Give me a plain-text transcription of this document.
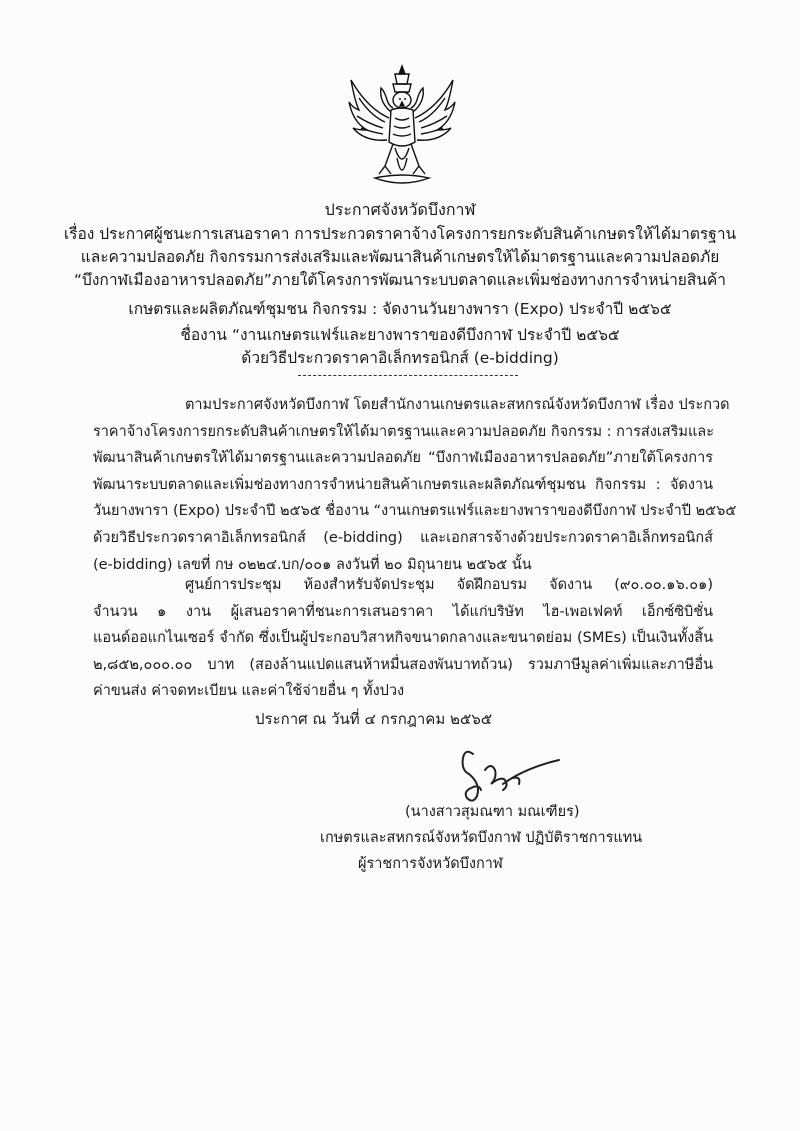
ประกาศจังหวัดบึงกาฬ
เรื่อง ประกาศผู้ชนะการเสนอราคา การประกวดราคาจ้างโครงการยกระดับสินค้าเกษตรให้ได้มาตรฐาน
และความปลอดภัย กิจกรรมการส่งเสริมและพัฒนาสินค้าเกษตรให้ได้มาตรฐานและความปลอดภัย
“บึงกาฬเมืองอาหารปลอดภัย”ภายใต้โครงการพัฒนาระบบตลาดและเพิ่มช่องทางการจำหน่ายสินค้า
เกษตรและผลิตภัณฑ์ชุมชน กิจกรรม : จัดงานวันยางพารา (Expo) ประจำปี ๒๕๖๕
ชื่องาน “งานเกษตรแฟร์และยางพาราของดีบึงกาฬ ประจำปี ๒๕๖๕
ด้วยวิธีประกวดราคาอิเล็กทรอนิกส์ (e-bidding)
ตามประกาศจังหวัดบึงกาฬ โดยสำนักงานเกษตรและสหกรณ์จังหวัดบึงกาฬ เรื่อง ประกวด
ราคาจ้างโครงการยกระดับสินค้าเกษตรให้ได้มาตรฐานและความปลอดภัย กิจกรรม : การส่งเสริมและ
พัฒนาสินค้าเกษตรให้ได้มาตรฐานและความปลอดภัย “บึงกาฬเมืองอาหารปลอดภัย”ภายใต้โครงการ
พัฒนาระบบตลาดและเพิ่มช่องทางการจำหน่ายสินค้าเกษตรและผลิตภัณฑ์ชุมชน กิจกรรม : จัดงาน
วันยางพารา (Expo) ประจำปี ๒๕๖๕ ชื่องาน “งานเกษตรแฟร์และยางพาราของดีบึงกาฬ ประจำปี ๒๕๖๕
ด้วยวิธีประกวดราคาอิเล็กทรอนิกส์ (e-bidding) และเอกสารจ้างด้วยประกวดราคาอิเล็กทรอนิกส์
(e-bidding) เลขที่ กษ ๐๒๒๔.บก/๐๐๑ ลงวันที่ ๒๐ มิถุนายน ๒๕๖๕ นั้น
ศูนย์การประชุม ห้องสำหรับจัดประชุม จัดฝึกอบรม จัดงาน (๙๐.๐๐.๑๖.๐๑)
จำนวน ๑ งาน ผู้เสนอราคาที่ชนะการเสนอราคา ได้แก่บริษัท ไฮ-เพอเฟคท์ เอ็กซ์ซิบิชั่น
แอนด์ออแกไนเซอร์ จำกัด ซึ่งเป็นผู้ประกอบวิสาหกิจขนาดกลางและขนาดย่อม (SMEs) เป็นเงินทั้งสิ้น
๒,๘๕๒,๐๐๐.๐๐ บาท (สองล้านแปดแสนห้าหมื่นสองพันบาทถ้วน) รวมภาษีมูลค่าเพิ่มและภาษีอื่น
ค่าขนส่ง ค่าจดทะเบียน และค่าใช้จ่ายอื่น ๆ ทั้งปวง
ประกาศ ณ วันที่ ๔ กรกฎาคม ๒๕๖๕
(นางสาวสุมณฑา มณเฑียร)
เกษตรและสหกรณ์จังหวัดบึงกาฬ ปฏิบัติราชการแทน
ผู้ราชการจังหวัดบึงกาฬ
